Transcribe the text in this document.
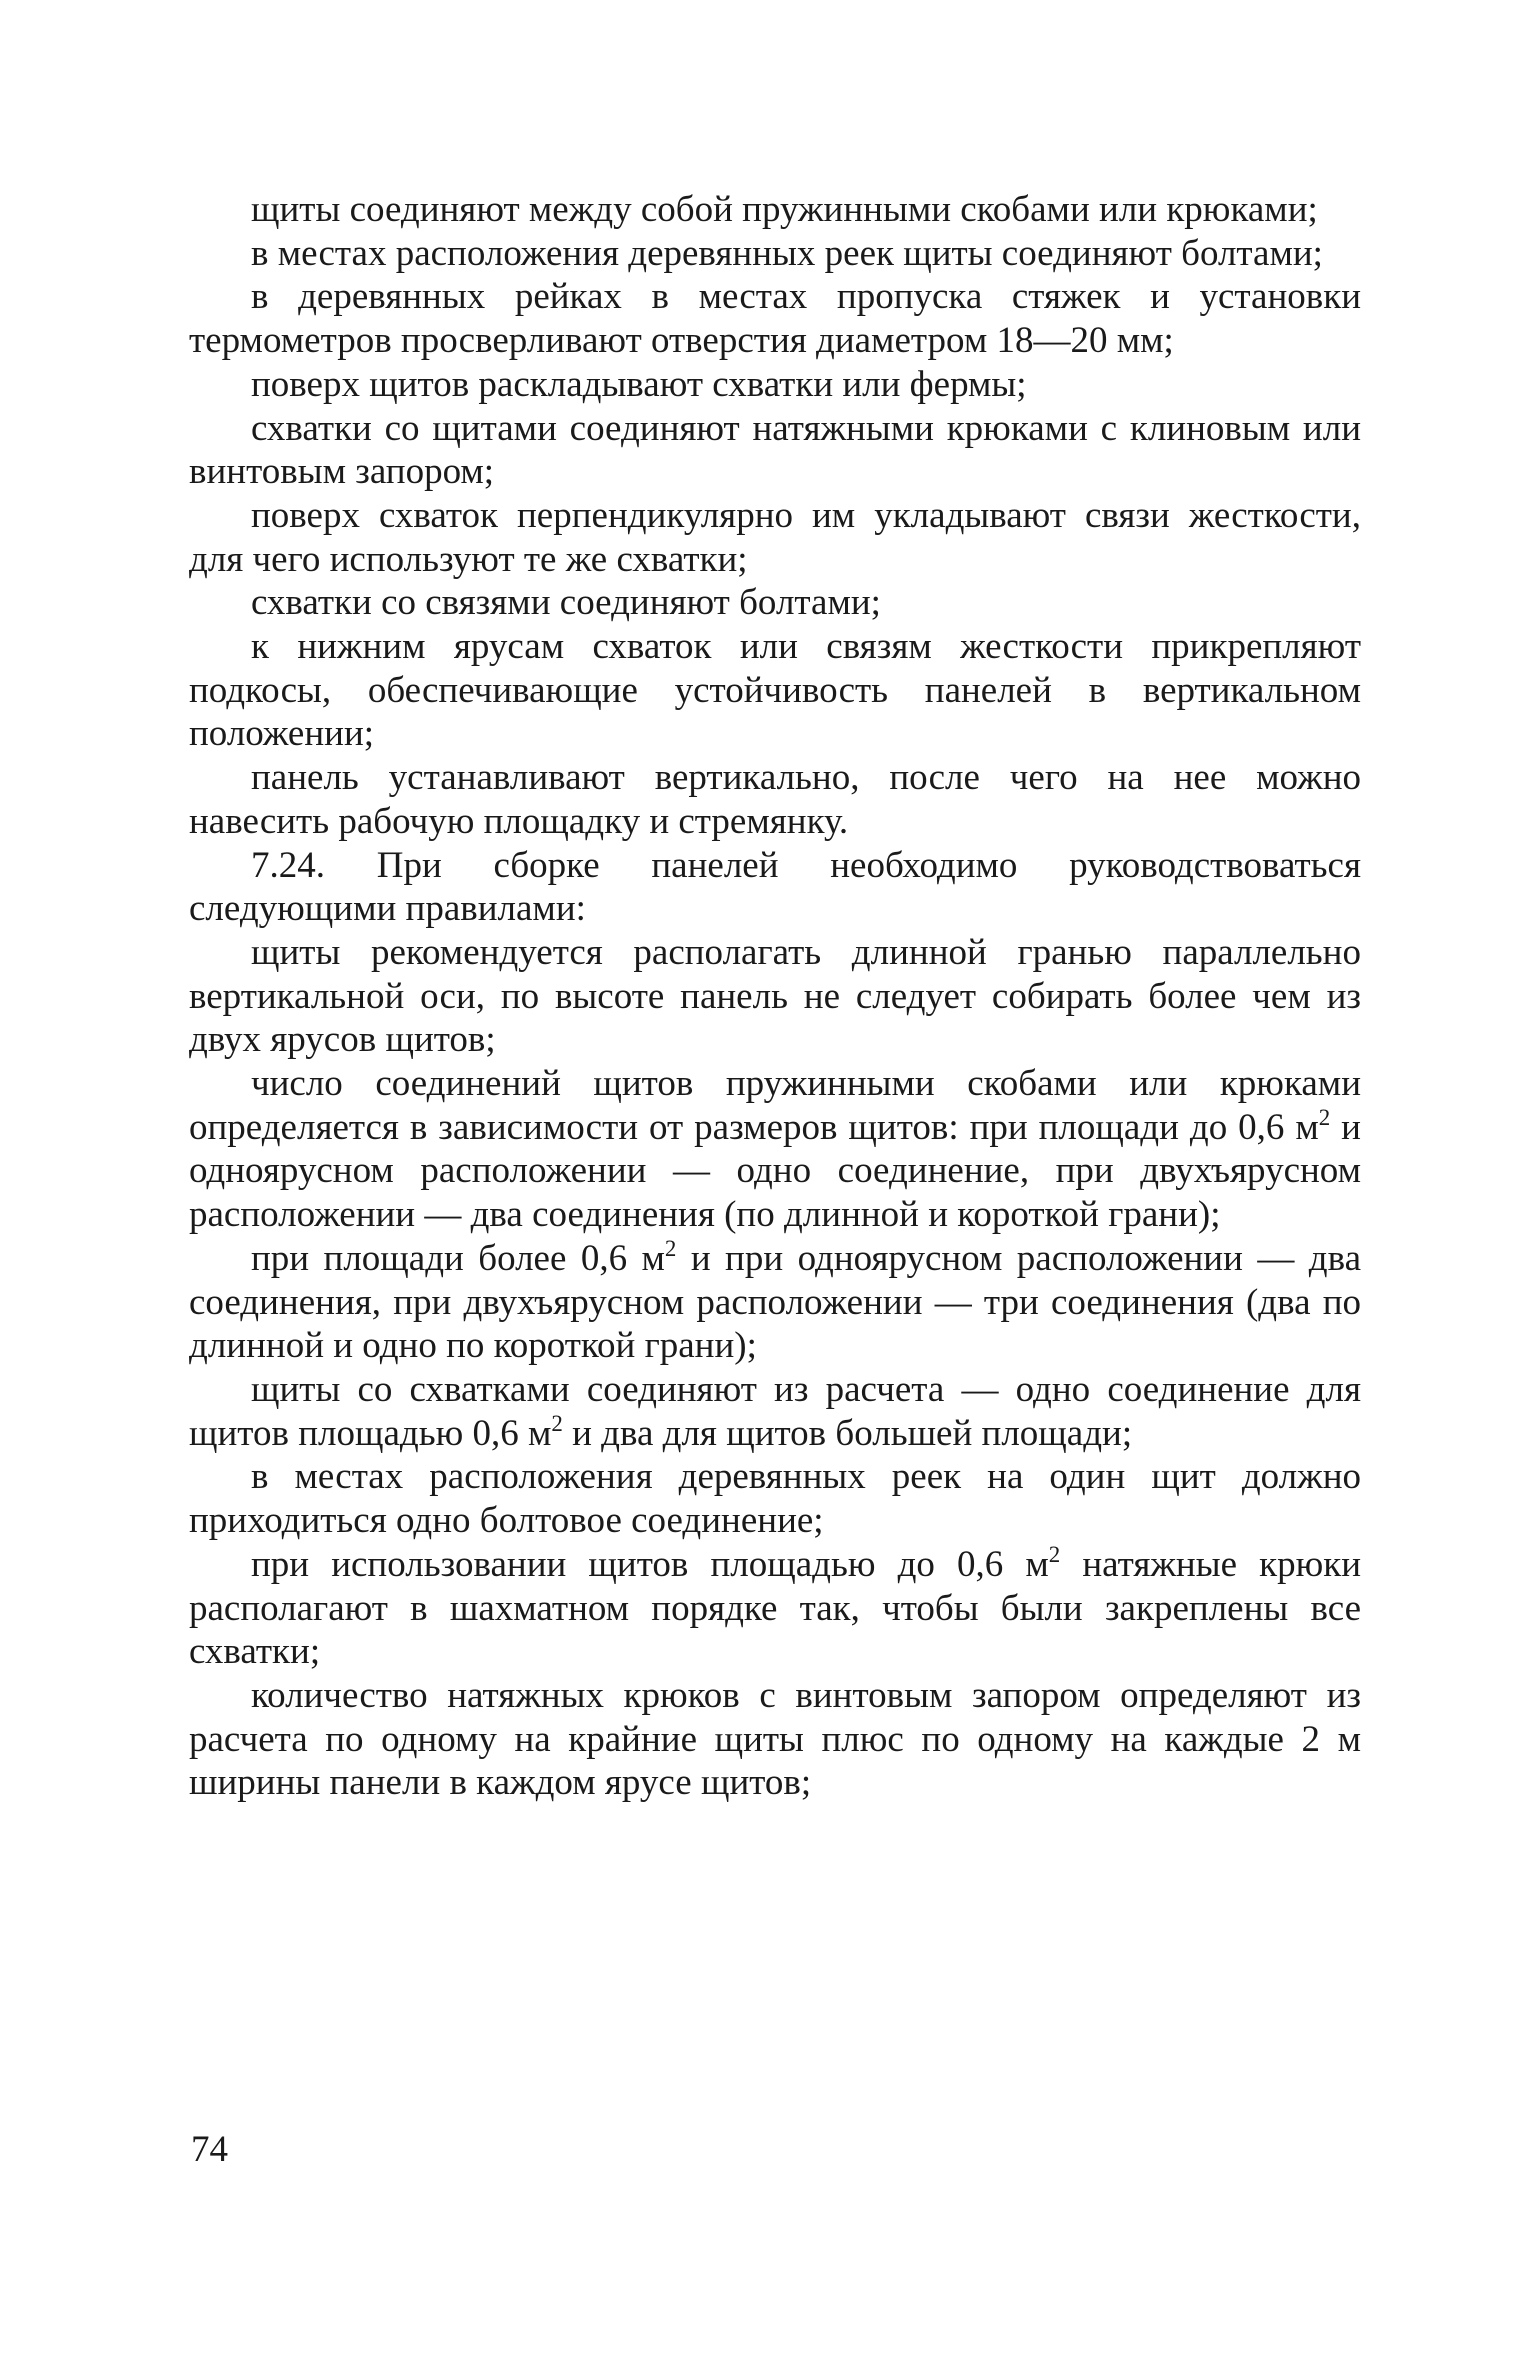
щиты соединяют между собой пружинными скобами или крюками;

в местах расположения деревянных реек щиты соединяют болтами;

в деревянных рейках в местах пропуска стяжек и установки термометров просверливают отверстия диаметром 18—20 мм;

поверх щитов раскладывают схватки или фермы;

схватки со щитами соединяют натяжными крюками с клиновым или винтовым запором;

поверх схваток перпендикулярно им укладывают связи жесткости, для чего используют те же схватки;

схватки со связями соединяют болтами;

к нижним ярусам схваток или связям жесткости прикрепляют подкосы, обеспечивающие устойчивость панелей в вертикальном положении;

панель устанавливают вертикально, после чего на нее можно навесить рабочую площадку и стремянку.

7.24. При сборке панелей необходимо руководствоваться следующими правилами:

щиты рекомендуется располагать длинной гранью параллельно вертикальной оси, по высоте панель не следует собирать более чем из двух ярусов щитов;

число соединений щитов пружинными скобами или крюками определяется в зависимости от размеров щитов: при площади до 0,6 $м^2$ и одноярусном расположении — одно соединение, при двухъярусном расположении — два соединения (по длинной и короткой грани);

при площади более 0,6 $м^2$ и при одноярусном расположении — два соединения, при двухъярусном расположении — три соединения (два по длинной и одно по короткой грани);

щиты со схватками соединяют из расчета — одно соединение для щитов площадью 0,6 $м^2$ и два для щитов большей площади;

в местах расположения деревянных реек на один щит должно приходиться одно болтовое соединение;

при использовании щитов площадью до 0,6 $м^2$ натяжные крюки располагают в шахматном порядке так, чтобы были закреплены все схватки;

количество натяжных крюков с винтовым запором определяют из расчета по одному на крайние щиты плюс по одному на каждые 2 м ширины панели в каждом ярусе щитов;

74
